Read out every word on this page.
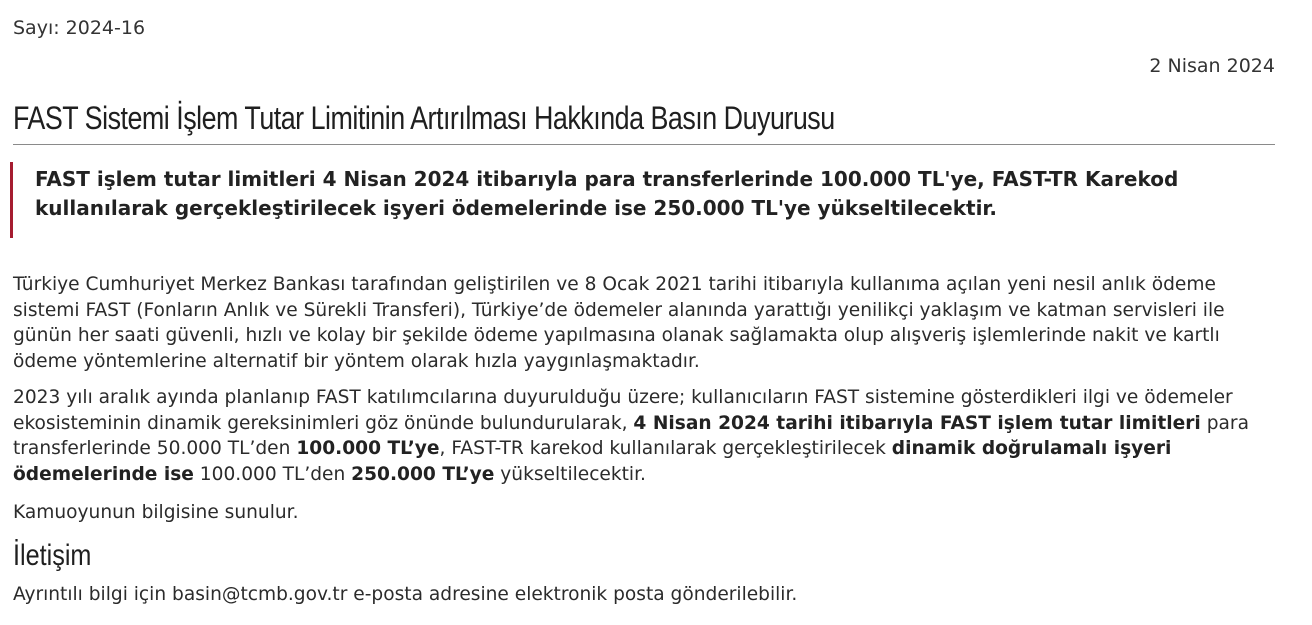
Sayı: 2024-16
2 Nisan 2024
FAST Sistemi İşlem Tutar Limitinin Artırılması Hakkında Basın Duyurusu
FAST işlem tutar limitleri 4 Nisan 2024 itibarıyla para transferlerinde 100.000 TL'ye, FAST-TR Karekod kullanılarak gerçekleştirilecek işyeri ödemelerinde ise 250.000 TL'ye yükseltilecektir.

Türkiye Cumhuriyet Merkez Bankası tarafından geliştirilen ve 8 Ocak 2021 tarihi itibarıyla kullanıma açılan yeni nesil anlık ödeme sistemi FAST (Fonların Anlık ve Sürekli Transferi), Türkiye’de ödemeler alanında yarattığı yenilikçi yaklaşım ve katman servisleri ile günün her saati güvenli, hızlı ve kolay bir şekilde ödeme yapılmasına olanak sağlamakta olup alışveriş işlemlerinde nakit ve kartlı ödeme yöntemlerine alternatif bir yöntem olarak hızla yaygınlaşmaktadır.

2023 yılı aralık ayında planlanıp FAST katılımcılarına duyurulduğu üzere; kullanıcıların FAST sistemine gösterdikleri ilgi ve ödemeler ekosisteminin dinamik gereksinimleri göz önünde bulundurularak, 4 Nisan 2024 tarihi itibarıyla FAST işlem tutar limitleri para transferlerinde 50.000 TL’den 100.000 TL’ye, FAST-TR karekod kullanılarak gerçekleştirilecek dinamik doğrulamalı işyeri ödemelerinde ise 100.000 TL’den 250.000 TL’ye yükseltilecektir.

Kamuoyunun bilgisine sunulur.

İletişim

Ayrıntılı bilgi için basin@tcmb.gov.tr e-posta adresine elektronik posta gönderilebilir.
